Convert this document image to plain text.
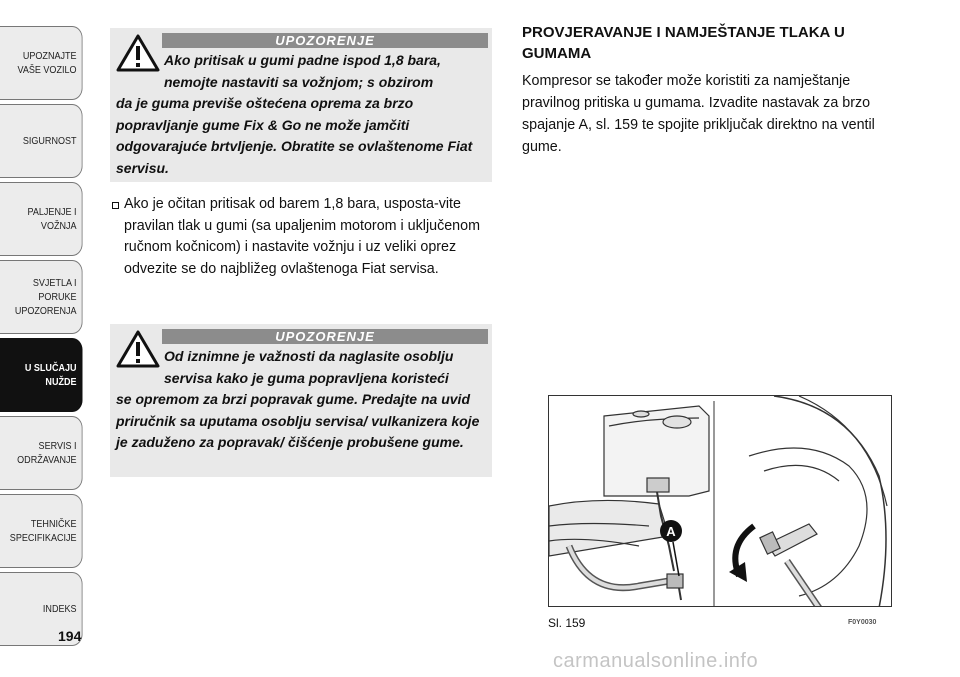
UPOZNAJTE
VAŠE VOZILO
SIGURNOST
PALJENJE I
VOŽNJA
SVJETLA I PORUKE
UPOZORENJA
U SLUČAJU
NUŽDE
SERVIS I
ODRŽAVANJE
TEHNIČKE
SPECIFIKACIJE
INDEKS
194
UPOZORENJE
Ako pritisak u gumi padne ispod 1,8 bara, nemojte nastaviti sa vožnjom; s obzirom
da je guma previše oštećena oprema za brzo popravljanje gume Fix & Go ne može jamčiti odgovarajuće brtvljenje. Obratite se ovlaštenome Fiat servisu.
Ako je očitan pritisak od barem 1,8 bara, usposta-vite pravilan tlak u gumi (sa upaljenim motorom i uključenom ručnom kočnicom) i nastavite vožnju i uz veliki oprez odvezite se do najbližeg ovlaštenoga Fiat servisa.
UPOZORENJE
Od iznimne je važnosti da naglasite osoblju servisa kako je guma popravljena koristeći
se opremom za brzi popravak gume. Predajte na uvid priručnik sa uputama osoblju servisa/ vulkanizera koje je zaduženo za popravak/ čišćenje probušene gume.
PROVJERAVANJE I NAMJEŠTANJE TLAKA U GUMAMA
Kompresor se također može koristiti za namještanje pravilnog pritiska u gumama. Izvadite nastavak za brzo spajanje A, sl. 159 te spojite priključak direktno na ventil gume.
A
Sl. 159	F0Y0030
carmanualsonline.info
